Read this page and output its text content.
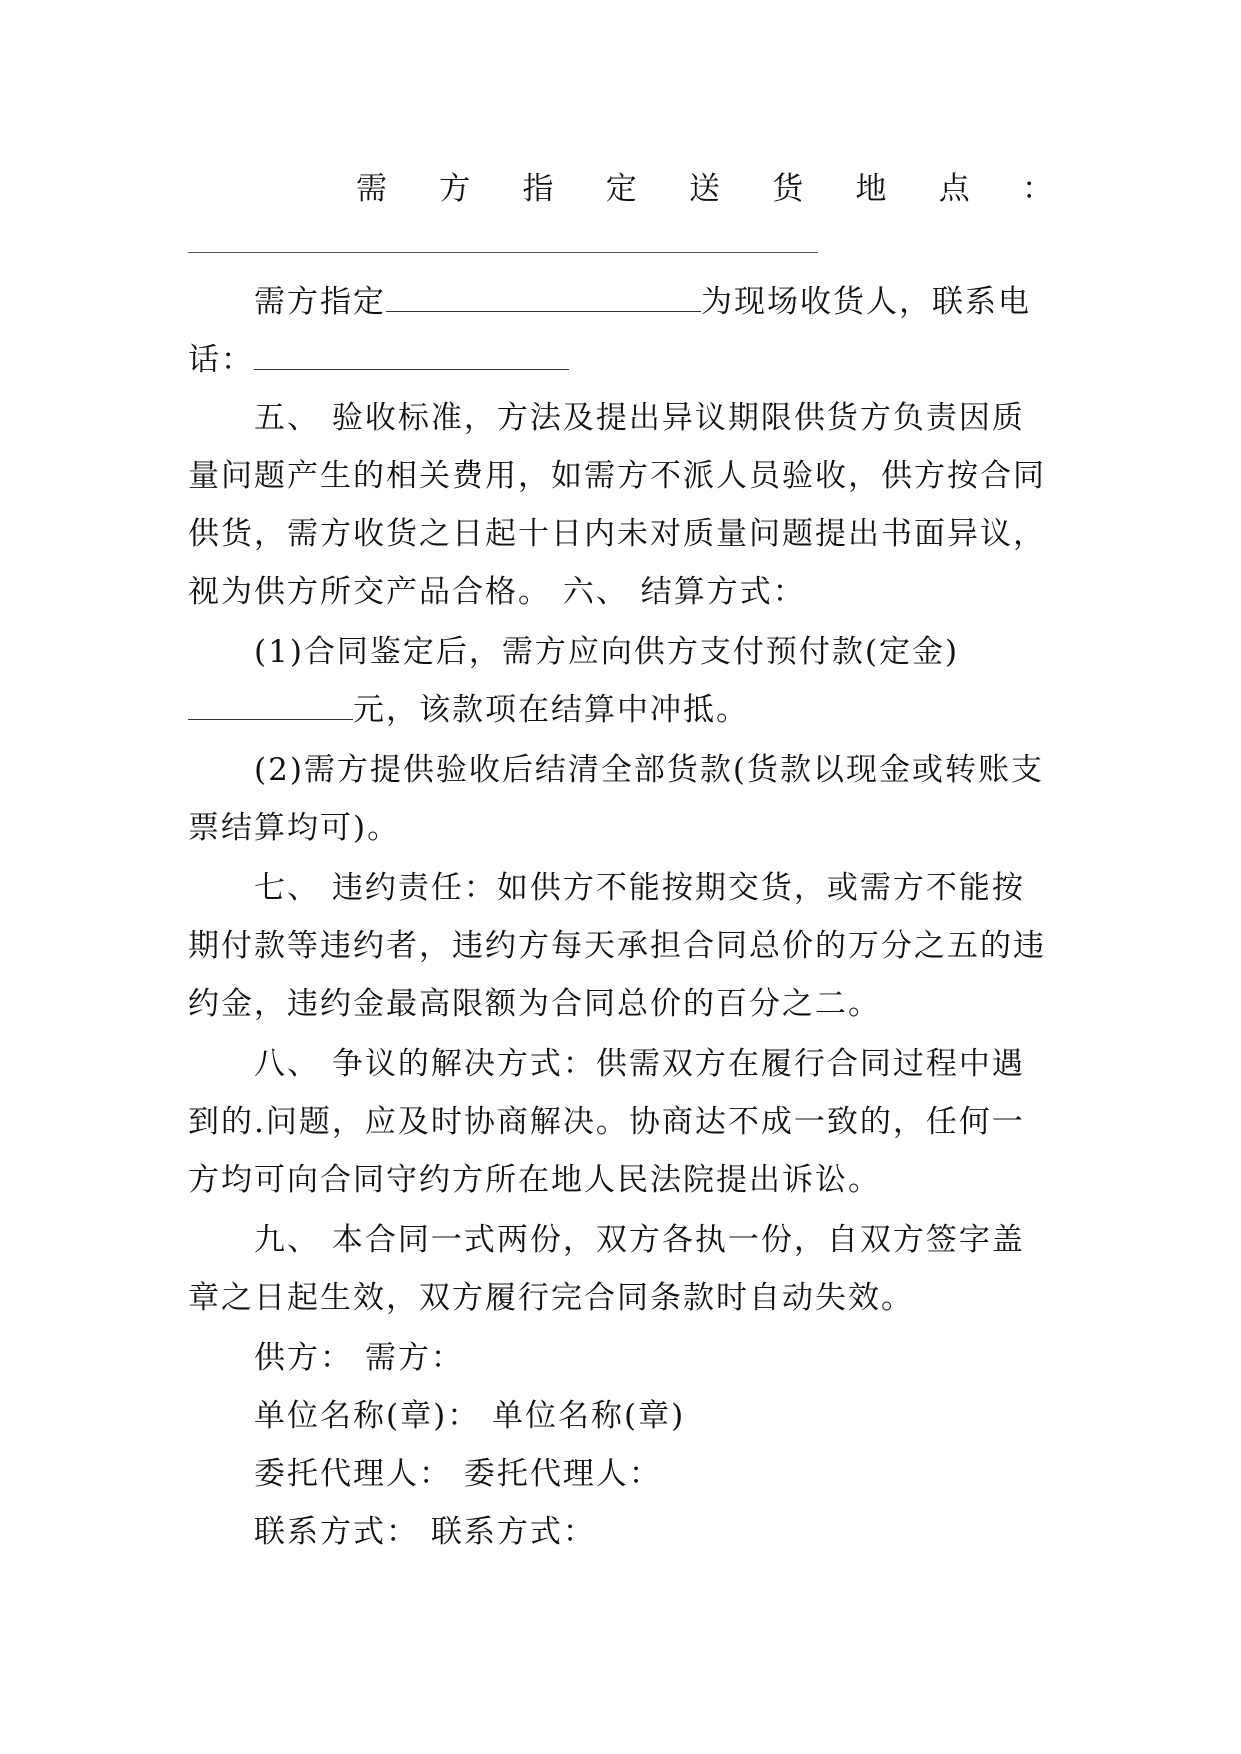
需 方 指 定 送 货 地 点 ：

需方指定	为现场收货人，联系电话：

五、 验收标准，方法及提出异议期限供货方负责因质量问题产生的相关费用，如需方不派人员验收，供方按合同供货，需方收货之日起十日内未对质量问题提出书面异议，视为供方所交产品合格。 六、 结算方式：

(1)合同鉴定后，需方应向供方支付预付款(定金)元，该款项在结算中冲抵。

(2)需方提供验收后结清全部货款(货款以现金或转账支票结算均可)。

七、 违约责任：如供方不能按期交货，或需方不能按期付款等违约者，违约方每天承担合同总价的万分之五的违约金，违约金最高限额为合同总价的百分之二。

八、 争议的解决方式：供需双方在履行合同过程中遇到的.问题，应及时协商解决。协商达不成一致的，任何一方均可向合同守约方所在地人民法院提出诉讼。

九、 本合同一式两份，双方各执一份，自双方签字盖章之日起生效，双方履行完合同条款时自动失效。

供方： 需方：

单位名称(章)： 单位名称(章)

委托代理人： 委托代理人：

联系方式： 联系方式：
